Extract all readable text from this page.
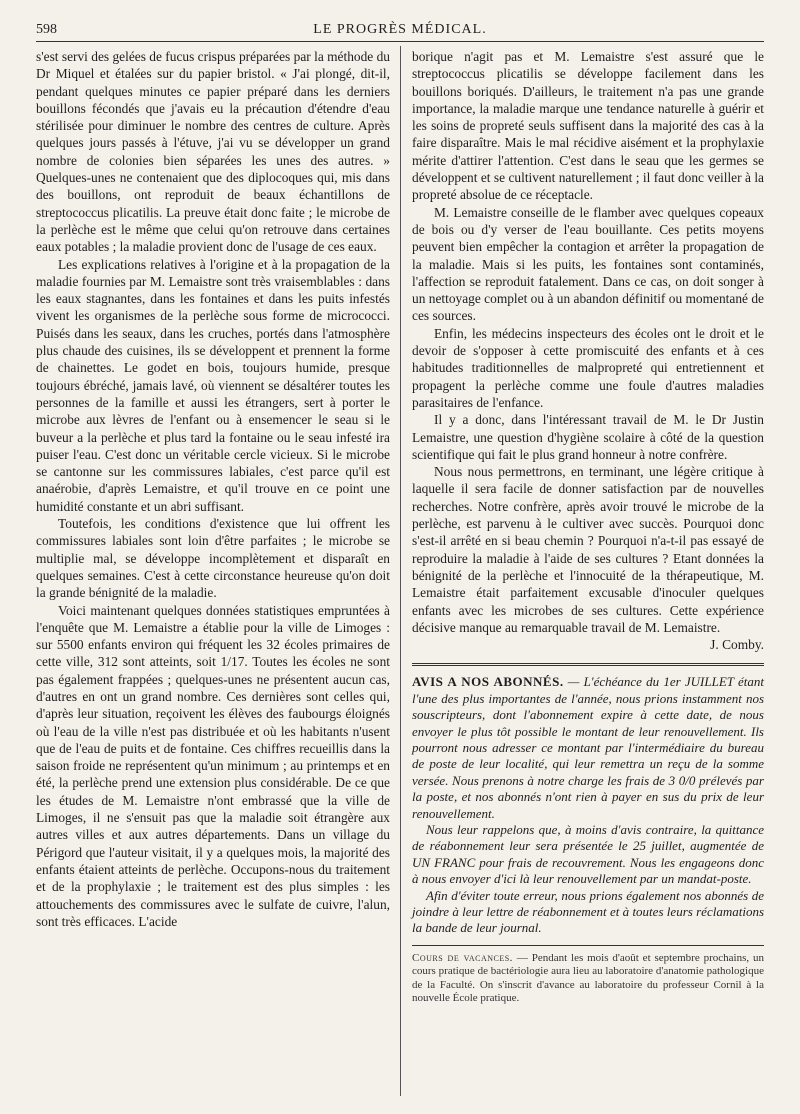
598	LE PROGRÈS MÉDICAL.

s'est servi des gelées de fucus crispus préparées par la méthode du Dr Miquel et étalées sur du papier bristol. « J'ai plongé, dit-il, pendant quelques minutes ce papier préparé dans les derniers bouillons fécondés que j'avais eu la précaution d'étendre d'eau stérilisée pour diminuer le nombre des centres de culture. Après quelques jours passés à l'étuve, j'ai vu se développer un grand nombre de colonies bien séparées les unes des autres. » Quelques-unes ne contenaient que des diplocoques qui, mis dans des bouillons, ont reproduit de beaux échantillons de streptococcus plicatilis. La preuve était donc faite ; le microbe de la perlèche est le même que celui qu'on retrouve dans certaines eaux potables ; la maladie provient donc de l'usage de ces eaux.

Les explications relatives à l'origine et à la propagation de la maladie fournies par M. Lemaistre sont très vraisemblables : dans les eaux stagnantes, dans les fontaines et dans les puits infestés vivent les organismes de la perlèche sous forme de micrococci. Puisés dans les seaux, dans les cruches, portés dans l'atmosphère plus chaude des cuisines, ils se développent et prennent la forme de chainettes. Le godet en bois, toujours humide, presque toujours ébréché, jamais lavé, où viennent se désaltérer toutes les personnes de la famille et aussi les étrangers, sert à porter le microbe aux lèvres de l'enfant ou à ensemencer le seau si le buveur a la perlèche et plus tard la fontaine ou le seau infesté ira puiser l'eau. C'est donc un véritable cercle vicieux. Si le microbe se cantonne sur les commissures labiales, c'est parce qu'il est anaérobie, d'après Lemaistre, et qu'il trouve en ce point une humidité constante et un abri suffisant.

Toutefois, les conditions d'existence que lui offrent les commissures labiales sont loin d'être parfaites ; le microbe se multiplie mal, se développe incomplètement et disparaît en quelques semaines. C'est à cette circonstance heureuse qu'on doit la grande bénignité de la maladie.

Voici maintenant quelques données statistiques empruntées à l'enquête que M. Lemaistre a établie pour la ville de Limoges : sur 5500 enfants environ qui fréquent les 32 écoles primaires de cette ville, 312 sont atteints, soit 1/17. Toutes les écoles ne sont pas également frappées ; quelques-unes ne présentent aucun cas, d'autres en ont un grand nombre. Ces dernières sont celles qui, d'après leur situation, reçoivent les élèves des faubourgs éloignés où l'eau de la ville n'est pas distribuée et où les habitants n'usent que de l'eau de puits et de fontaine. Ces chiffres recueillis dans la saison froide ne représentent qu'un minimum ; au printemps et en été, la perlèche prend une extension plus considérable. De ce que les études de M. Lemaistre n'ont embrassé que la ville de Limoges, il ne s'ensuit pas que la maladie soit étrangère aux autres villes et aux autres départements. Dans un village du Périgord que l'auteur visitait, il y a quelques mois, la majorité des enfants étaient atteints de perlèche. Occupons-nous du traitement et de la prophylaxie ; le traitement est des plus simples : les attouchements des commissures avec le sulfate de cuivre, l'alun, sont très efficaces. L'acide

borique n'agit pas et M. Lemaistre s'est assuré que le streptococcus plicatilis se développe facilement dans les bouillons boriqués. D'ailleurs, le traitement n'a pas une grande importance, la maladie marque une tendance naturelle à guérir et les soins de propreté seuls suffisent dans la majorité des cas à la faire disparaître. Mais le mal récidive aisément et la prophylaxie mérite d'attirer l'attention. C'est dans le seau que les germes se développent et se cultivent naturellement ; il faut donc veiller à la propreté absolue de ce réceptacle.

M. Lemaistre conseille de le flamber avec quelques copeaux de bois ou d'y verser de l'eau bouillante. Ces petits moyens peuvent bien empêcher la contagion et arrêter la propagation de la maladie. Mais si les puits, les fontaines sont contaminés, l'affection se reproduit fatalement. Dans ce cas, on doit songer à un nettoyage complet ou à un abandon définitif ou momentané de ces sources.

Enfin, les médecins inspecteurs des écoles ont le droit et le devoir de s'opposer à cette promiscuité des enfants et à ces habitudes traditionnelles de malpropreté qui entretiennent et propagent la perlèche comme une foule d'autres maladies parasitaires de l'enfance.

Il y a donc, dans l'intéressant travail de M. le Dr Justin Lemaistre, une question d'hygiène scolaire à côté de la question scientifique qui fait le plus grand honneur à notre confrère.

Nous nous permettrons, en terminant, une légère critique à laquelle il sera facile de donner satisfaction par de nouvelles recherches. Notre confrère, après avoir trouvé le microbe de la perlèche, est parvenu à le cultiver avec succès. Pourquoi donc s'est-il arrêté en si beau chemin ? Pourquoi n'a-t-il pas essayé de reproduire la maladie à l'aide de ses cultures ? Etant données la bénignité de la perlèche et l'innocuité de la thérapeutique, M. Lemaistre était parfaitement excusable d'inoculer quelques enfants avec les microbes de ses cultures. Cette expérience décisive manque au remarquable travail de M. Lemaistre.

J. Comby.

AVIS A NOS ABONNÉS. — L'échéance du 1er JUILLET étant l'une des plus importantes de l'année, nous prions instamment nos souscripteurs, dont l'abonnement expire à cette date, de nous envoyer le plus tôt possible le montant de leur renouvellement. Ils pourront nous adresser ce montant par l'intermédiaire du bureau de poste de leur localité, qui leur remettra un reçu de la somme versée. Nous prenons à notre charge les frais de 3 0/0 prélevés par la poste, et nos abonnés n'ont rien à payer en sus du prix de leur renouvellement.

Nous leur rappelons que, à moins d'avis contraire, la quittance de réabonnement leur sera présentée le 25 juillet, augmentée de UN FRANC pour frais de recouvrement. Nous les engageons donc à nous envoyer d'ici là leur renouvellement par un mandat-poste.

Afin d'éviter toute erreur, nous prions également nos abonnés de joindre à leur lettre de réabonnement et à toutes leurs réclamations la bande de leur journal.

Cours de vacances. — Pendant les mois d'août et septembre prochains, un cours pratique de bactériologie aura lieu au laboratoire d'anatomie pathologique de la Faculté. On s'inscrit d'avance au laboratoire du professeur Cornil à la nouvelle École pratique.
